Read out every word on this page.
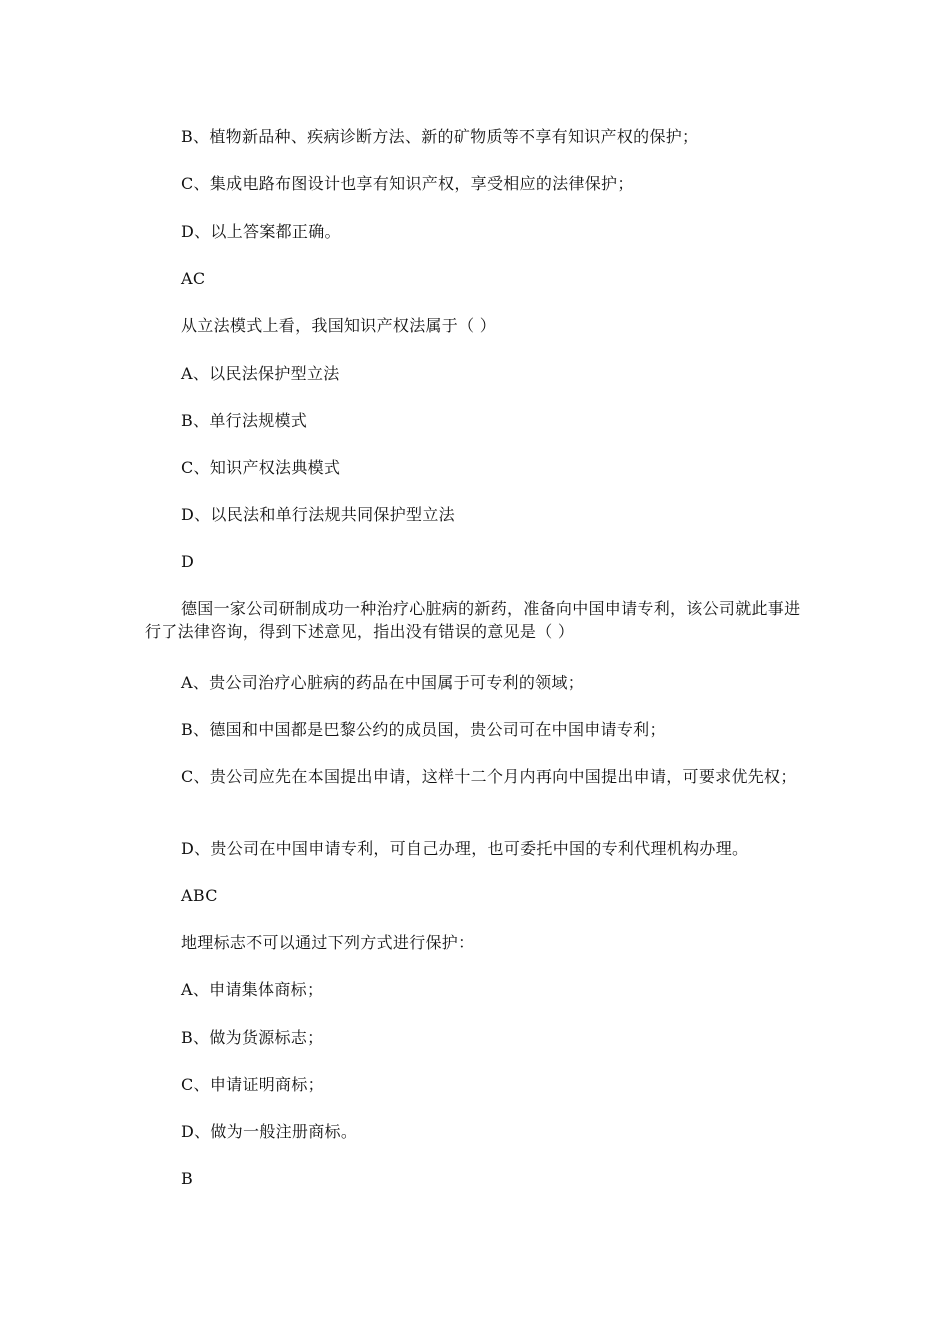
B、植物新品种、疾病诊断方法、新的矿物质等不享有知识产权的保护；

C、集成电路布图设计也享有知识产权，享受相应的法律保护；

D、以上答案都正确。

AC

从立法模式上看，我国知识产权法属于（ ）

A、以民法保护型立法

B、单行法规模式

C、知识产权法典模式

D、以民法和单行法规共同保护型立法

D

德国一家公司研制成功一种治疗心脏病的新药，准备向中国申请专利，该公司就此事进行了法律咨询，得到下述意见，指出没有错误的意见是（ ）

A、贵公司治疗心脏病的药品在中国属于可专利的领域；

B、德国和中国都是巴黎公约的成员国，贵公司可在中国申请专利；

C、贵公司应先在本国提出申请，这样十二个月内再向中国提出申请，可要求优先权；

D、贵公司在中国申请专利，可自己办理，也可委托中国的专利代理机构办理。

ABC

地理标志不可以通过下列方式进行保护：

A、申请集体商标；

B、做为货源标志；

C、申请证明商标；

D、做为一般注册商标。

B
